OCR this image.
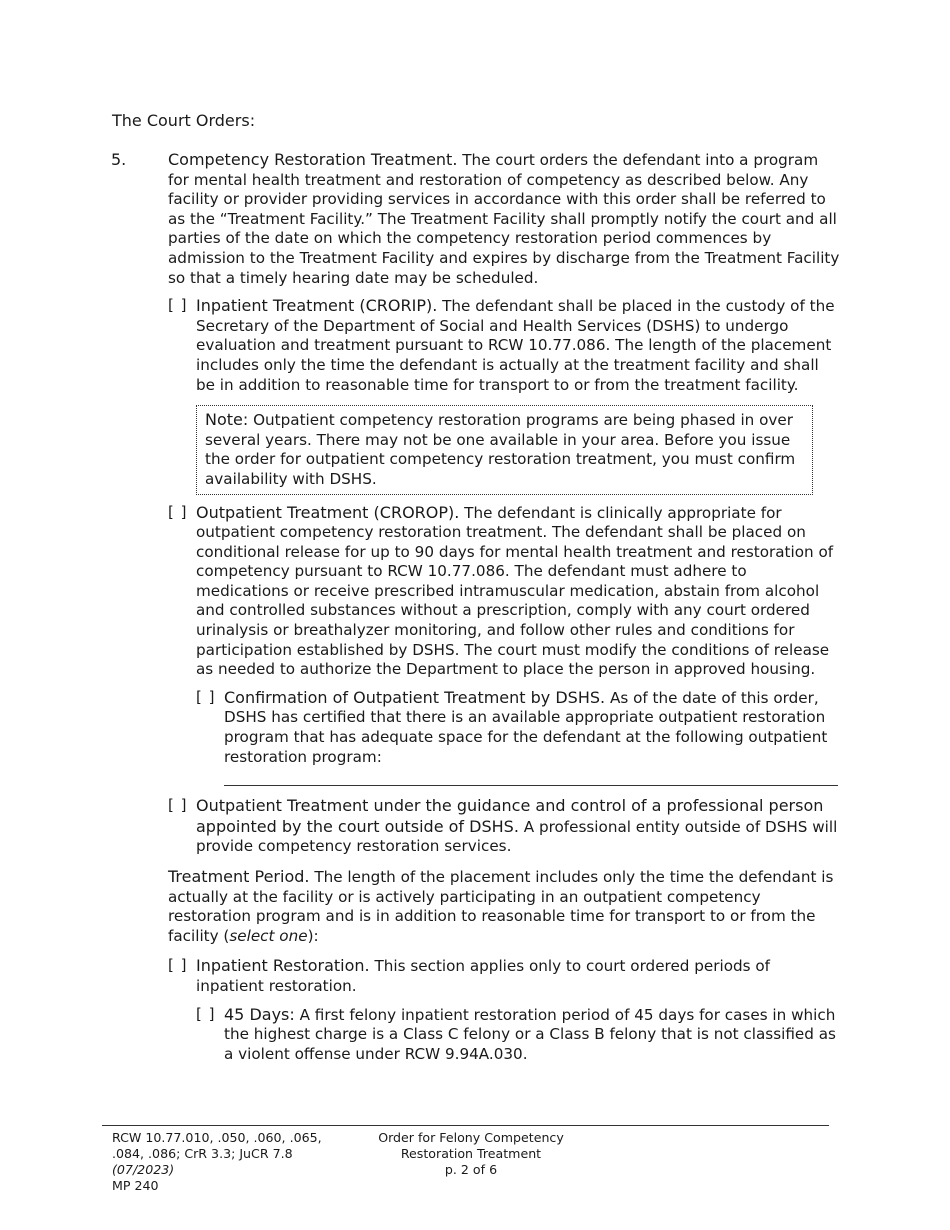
The Court Orders:
5.	Competency Restoration Treatment. The court orders the defendant into a program for mental health treatment and restoration of competency as described below. Any facility or provider providing services in accordance with this order shall be referred to as the “Treatment Facility.” The Treatment Facility shall promptly notify the court and all parties of the date on which the competency restoration period commences by admission to the Treatment Facility and expires by discharge from the Treatment Facility so that a timely hearing date may be scheduled.
[ ] Inpatient Treatment (CRORIP). The defendant shall be placed in the custody of the Secretary of the Department of Social and Health Services (DSHS) to undergo evaluation and treatment pursuant to RCW 10.77.086. The length of the placement includes only the time the defendant is actually at the treatment facility and shall be in addition to reasonable time for transport to or from the treatment facility.
Note: Outpatient competency restoration programs are being phased in over several years. There may not be one available in your area. Before you issue the order for outpatient competency restoration treatment, you must confirm availability with DSHS.
[ ] Outpatient Treatment (CROROP). The defendant is clinically appropriate for outpatient competency restoration treatment. The defendant shall be placed on conditional release for up to 90 days for mental health treatment and restoration of competency pursuant to RCW 10.77.086. The defendant must adhere to medications or receive prescribed intramuscular medication, abstain from alcohol and controlled substances without a prescription, comply with any court ordered urinalysis or breathalyzer monitoring, and follow other rules and conditions for participation established by DSHS. The court must modify the conditions of release as needed to authorize the Department to place the person in approved housing.
[ ] Confirmation of Outpatient Treatment by DSHS. As of the date of this order, DSHS has certified that there is an available appropriate outpatient restoration program that has adequate space for the defendant at the following outpatient restoration program:
[ ] Outpatient Treatment under the guidance and control of a professional person appointed by the court outside of DSHS. A professional entity outside of DSHS will provide competency restoration services.
Treatment Period. The length of the placement includes only the time the defendant is actually at the facility or is actively participating in an outpatient competency restoration program and is in addition to reasonable time for transport to or from the facility (select one):
[ ] Inpatient Restoration. This section applies only to court ordered periods of inpatient restoration.
[ ] 45 Days: A first felony inpatient restoration period of 45 days for cases in which the highest charge is a Class C felony or a Class B felony that is not classified as a violent offense under RCW 9.94A.030.
RCW 10.77.010, .050, .060, .065,
.084, .086; CrR 3.3; JuCR 7.8
(07/2023)
MP 240
Order for Felony Competency
Restoration Treatment
p. 2 of 6
